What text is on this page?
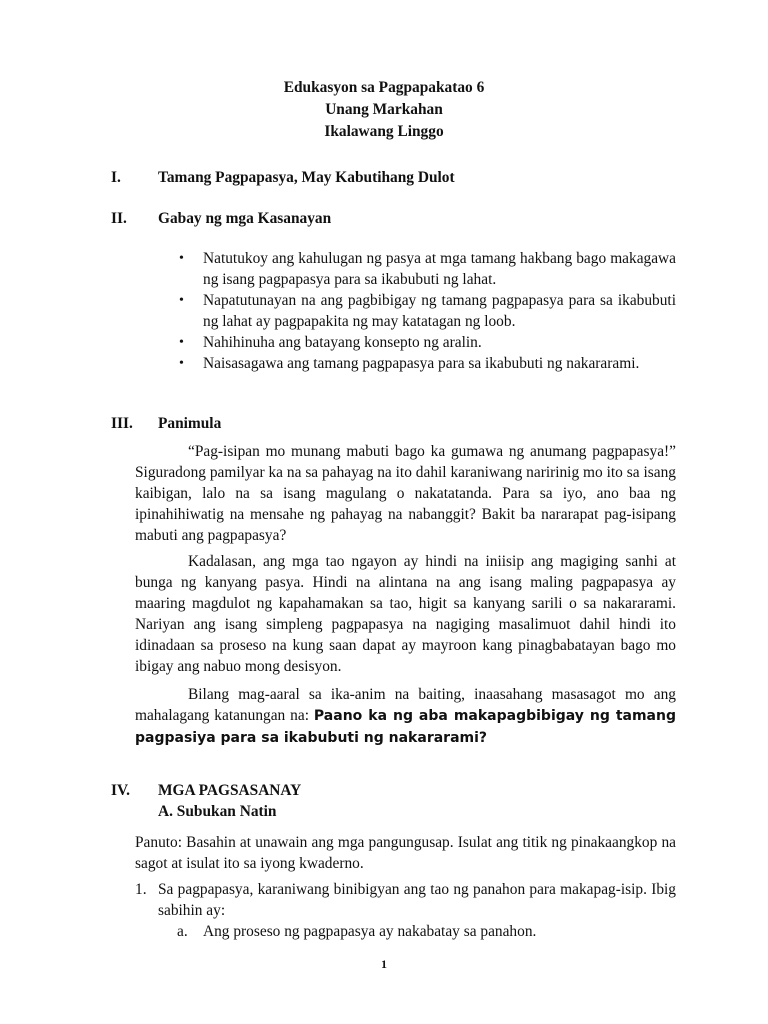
Edukasyon sa Pagpapakatao 6
Unang Markahan
Ikalawang Linggo
I. Tamang Pagpapasya, May Kabutihang Dulot
II. Gabay ng mga Kasanayan
• Natutukoy ang kahulugan ng pasya at mga tamang hakbang bago makagawa ng isang pagpapasya para sa ikabubuti ng lahat.
• Napatutunayan na ang pagbibigay ng tamang pagpapasya para sa ikabubuti ng lahat ay pagpapakita ng may katatagan ng loob.
• Nahihinuha ang batayang konsepto ng aralin.
• Naisasagawa ang tamang pagpapasya para sa ikabubuti ng nakararami.
III. Panimula

“Pag-isipan mo munang mabuti bago ka gumawa ng anumang pagpapasya!” Siguradong pamilyar ka na sa pahayag na ito dahil karaniwang naririnig mo ito sa isang kaibigan, lalo na sa isang magulang o nakatatanda. Para sa iyo, ano baa ng ipinahihiwatig na mensahe ng pahayag na nabanggit? Bakit ba nararapat pag-isipang mabuti ang pagpapasya?

Kadalasan, ang mga tao ngayon ay hindi na iniisip ang magiging sanhi at bunga ng kanyang pasya. Hindi na alintana na ang isang maling pagpapasya ay maaring magdulot ng kapahamakan sa tao, higit sa kanyang sarili o sa nakararami. Nariyan ang isang simpleng pagpapasya na nagiging masalimuot dahil hindi ito idinadaan sa proseso na kung saan dapat ay mayroon kang pinagbabatayan bago mo ibigay ang nabuo mong desisyon.

Bilang mag-aaral sa ika-anim na baiting, inaasahang masasagot mo ang mahalagang katanungan na: Paano ka ng aba makapagbibigay ng tamang pagpasiya para sa ikabubuti ng nakararami?

IV. MGA PAGSASANAY
A. Subukan Natin

Panuto: Basahin at unawain ang mga pangungusap. Isulat ang titik ng pinakaangkop na sagot at isulat ito sa iyong kwaderno.

1. Sa pagpapasya, karaniwang binibigyan ang tao ng panahon para makapag-isip. Ibig sabihin ay:
a. Ang proseso ng pagpapasya ay nakabatay sa panahon.
1
